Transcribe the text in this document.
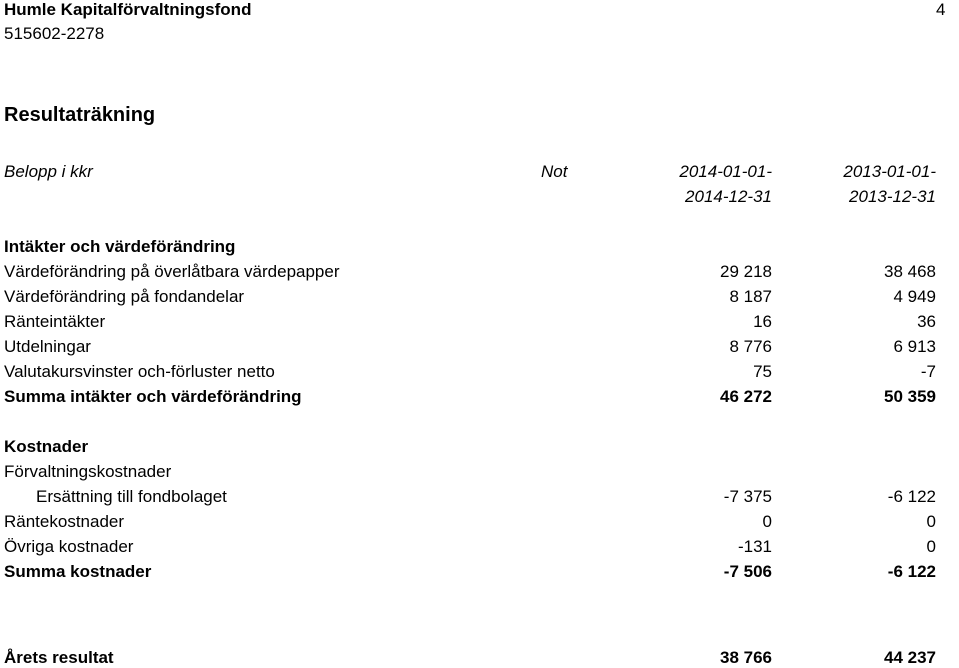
Humle Kapitalförvaltningsfond	4
515602-2278
Resultaträkning
Belopp i kkr	Not	2014-01-01-	2013-01-01-
2014-12-31	2013-12-31
Intäkter och värdeförändring
Värdeförändring på överlåtbara värdepapper	29 218	38 468
Värdeförändring på fondandelar	8 187	4 949
Ränteintäkter	16	36
Utdelningar	8 776	6 913
Valutakursvinster och-förluster netto	75	-7
Summa intäkter och värdeförändring	46 272	50 359
Kostnader
Förvaltningskostnader
Ersättning till fondbolaget	-7 375	-6 122
Räntekostnader	0	0
Övriga kostnader	-131	0
Summa kostnader	-7 506	-6 122
Årets resultat	38 766	44 237
